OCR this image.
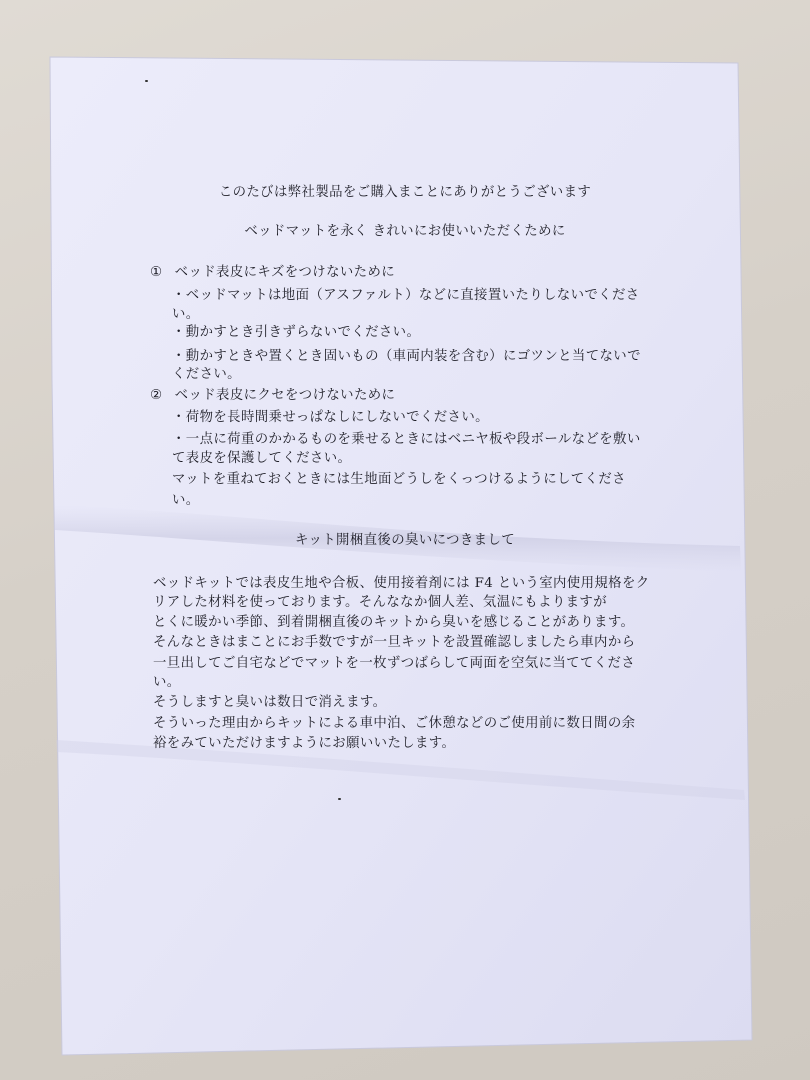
このたびは弊社製品をご購入まことにありがとうございます
ベッドマットを永く きれいにお使いいただくために
① ベッド表皮にキズをつけないために
・ベッドマットは地面（アスファルト）などに直接置いたりしないでくださ
い。
・動かすとき引きずらないでください。
・動かすときや置くとき固いもの（車両内装を含む）にゴツンと当てないで
ください。
② ベッド表皮にクセをつけないために
・荷物を長時間乗せっぱなしにしないでください。
・一点に荷重のかかるものを乗せるときにはベニヤ板や段ボールなどを敷い
て表皮を保護してください。
マットを重ねておくときには生地面どうしをくっつけるようにしてくださ
い。
キット開梱直後の臭いにつきまして
ベッドキットでは表皮生地や合板、使用接着剤には F4 という室内使用規格をク
リアした材料を使っております。そんななか個人差、気温にもよりますが
とくに暖かい季節、到着開梱直後のキットから臭いを感じることがあります。
そんなときはまことにお手数ですが一旦キットを設置確認しましたら車内から
一旦出してご自宅などでマットを一枚ずつばらして両面を空気に当ててくださ
い。
そうしますと臭いは数日で消えます。
そういった理由からキットによる車中泊、ご休憩などのご使用前に数日間の余
裕をみていただけますようにお願いいたします。
